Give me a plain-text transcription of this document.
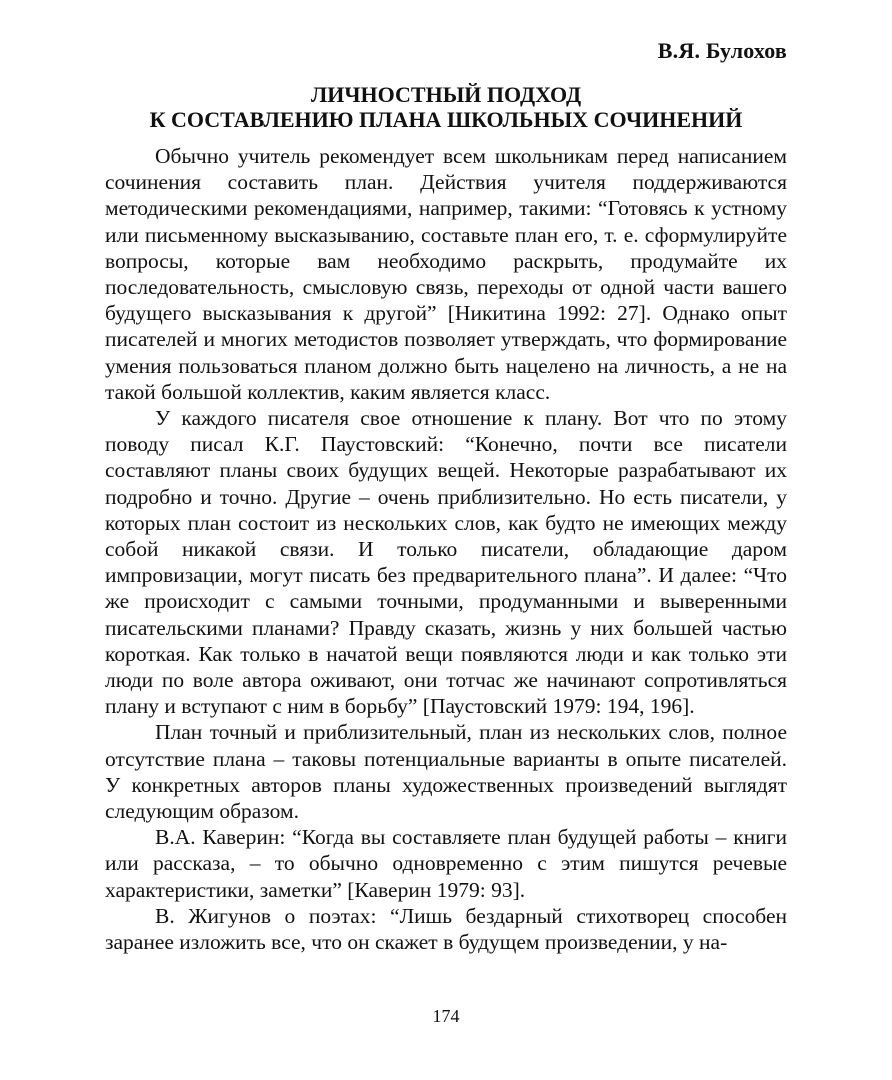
В.Я. Булохов
ЛИЧНОСТНЫЙ ПОДХОД
К СОСТАВЛЕНИЮ ПЛАНА ШКОЛЬНЫХ СОЧИНЕНИЙ

Обычно учитель рекомендует всем школьникам перед написанием сочинения составить план. Действия учителя поддерживаются методическими рекомендациями, например, такими: “Готовясь к устному или письменному высказыванию, составьте план его, т. е. сформулируйте вопросы, которые вам необходимо раскрыть, продумайте их последовательность, смысловую связь, переходы от одной части вашего будущего высказывания к другой” [Никитина 1992: 27]. Однако опыт писателей и многих методистов позволяет утверждать, что формирование умения пользоваться планом должно быть нацелено на личность, а не на такой большой коллектив, каким является класс.

У каждого писателя свое отношение к плану. Вот что по этому поводу писал К.Г. Паустовский: “Конечно, почти все писатели составляют планы своих будущих вещей. Некоторые разрабатывают их подробно и точно. Другие – очень приблизительно. Но есть писатели, у которых план состоит из нескольких слов, как будто не имеющих между собой никакой связи. И только писатели, обладающие даром импровизации, могут писать без предварительного плана”. И далее: “Что же происходит с самыми точными, продуманными и выверенными писательскими планами? Правду сказать, жизнь у них большей частью короткая. Как только в начатой вещи появляются люди и как только эти люди по воле автора оживают, они тотчас же начинают сопротивляться плану и вступают с ним в борьбу” [Паустовский 1979: 194, 196].

План точный и приблизительный, план из нескольких слов, полное отсутствие плана – таковы потенциальные варианты в опыте писателей. У конкретных авторов планы художественных произведений выглядят следующим образом.

В.А. Каверин: “Когда вы составляете план будущей работы – книги или рассказа, – то обычно одновременно с этим пишутся речевые характеристики, заметки” [Каверин 1979: 93].

В. Жигунов о поэтах: “Лишь бездарный стихотворец способен заранее изложить все, что он скажет в будущем произведении, у на-

174
